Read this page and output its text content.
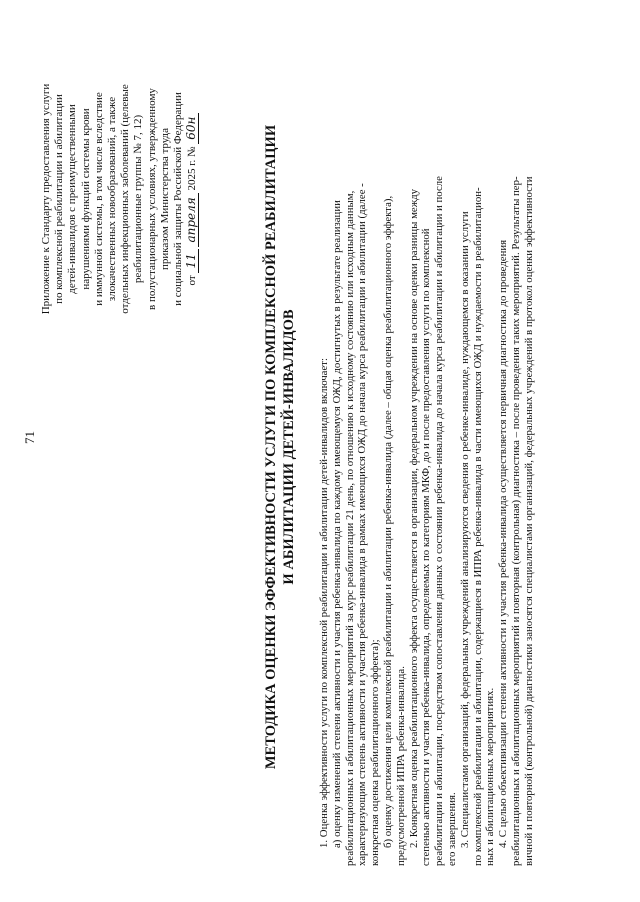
71
Приложение к Стандарту предоставления услуги по комплексной реабилитации и абилитации детей-инвалидов с преимущественными нарушениями функций системы крови и иммунной системы, в том числе вследствие злокачественных новообразований, а также отдельных инфекционных заболеваний (целевые реабилитационные группы № 7, 12) в полустационарных условиях, утвержденному приказом Министерства труда и социальной защиты Российской Федерации от 11 апреля 2025 г. № 60н	МЕТОДИКА ОЦЕНКИ ЭФФЕКТИВНОСТИ УСЛУГИ ПО КОМПЛЕКСНОЙ РЕАБИЛИТАЦИИ И АБИЛИТАЦИИ ДЕТЕЙ-ИНВАЛИДОВ 1. Оценка эффективности услуги по комплексной реабилитации и абилитации детей-инвалидов включает: а) оценку изменений степени активности и участия ребенка-инвалида по каждому имеющемуся ОЖД, достигнутых в результате реализации реабилитационных и абилитационных мероприятий за курс реабилитации 21 день, по отношению к исходному состоянию или исходным данным, характеризующим степень активности и участия ребенка-инвалида в рамках имеющихся ОЖД до начала курса реабилитации и абилитации (далее - конкретная оценка реабилитационного эффекта); б) оценку достижения цели комплексной реабилитации и абилитации ребенка-инвалида (далее – общая оценка реабилитационного эффекта), предусмотренной ИПРА ребенка-инвалида. 2. Конкретная оценка реабилитационного эффекта осуществляется в организации, федеральном учреждении на основе оценки разницы между степенью активности и участия ребенка-инвалида, определяемых по категориям МКФ, до и после предоставления услуги по комплексной реабилитации и абилитации, посредством сопоставления данных о состоянии ребенка-инвалида до начала курса реабилитации и абилитации и после его завершения. 3. Специалистами организаций, федеральных учреждений анализируются сведения о ребенке-инвалиде, нуждающемся в оказании услуги по комплексной реабилитации и абилитации, содержащиеся в ИПРА ребенка-инвалида в части имеющихся ОЖД и нуждаемости в реабилитацион- ных и абилитационных мероприятиях. 4. С целью объективизации степени активности и участия ребенка-инвалида осуществляется первичная диагностика до проведения реабилитационных и абилитационных мероприятий и повторная (контрольная) диагностика – после проведения таких мероприятий. Результаты пер- вичной и повторной (контрольной) диагностики заносятся специалистами организаций, федеральных учреждений в протокол оценки эффективности
